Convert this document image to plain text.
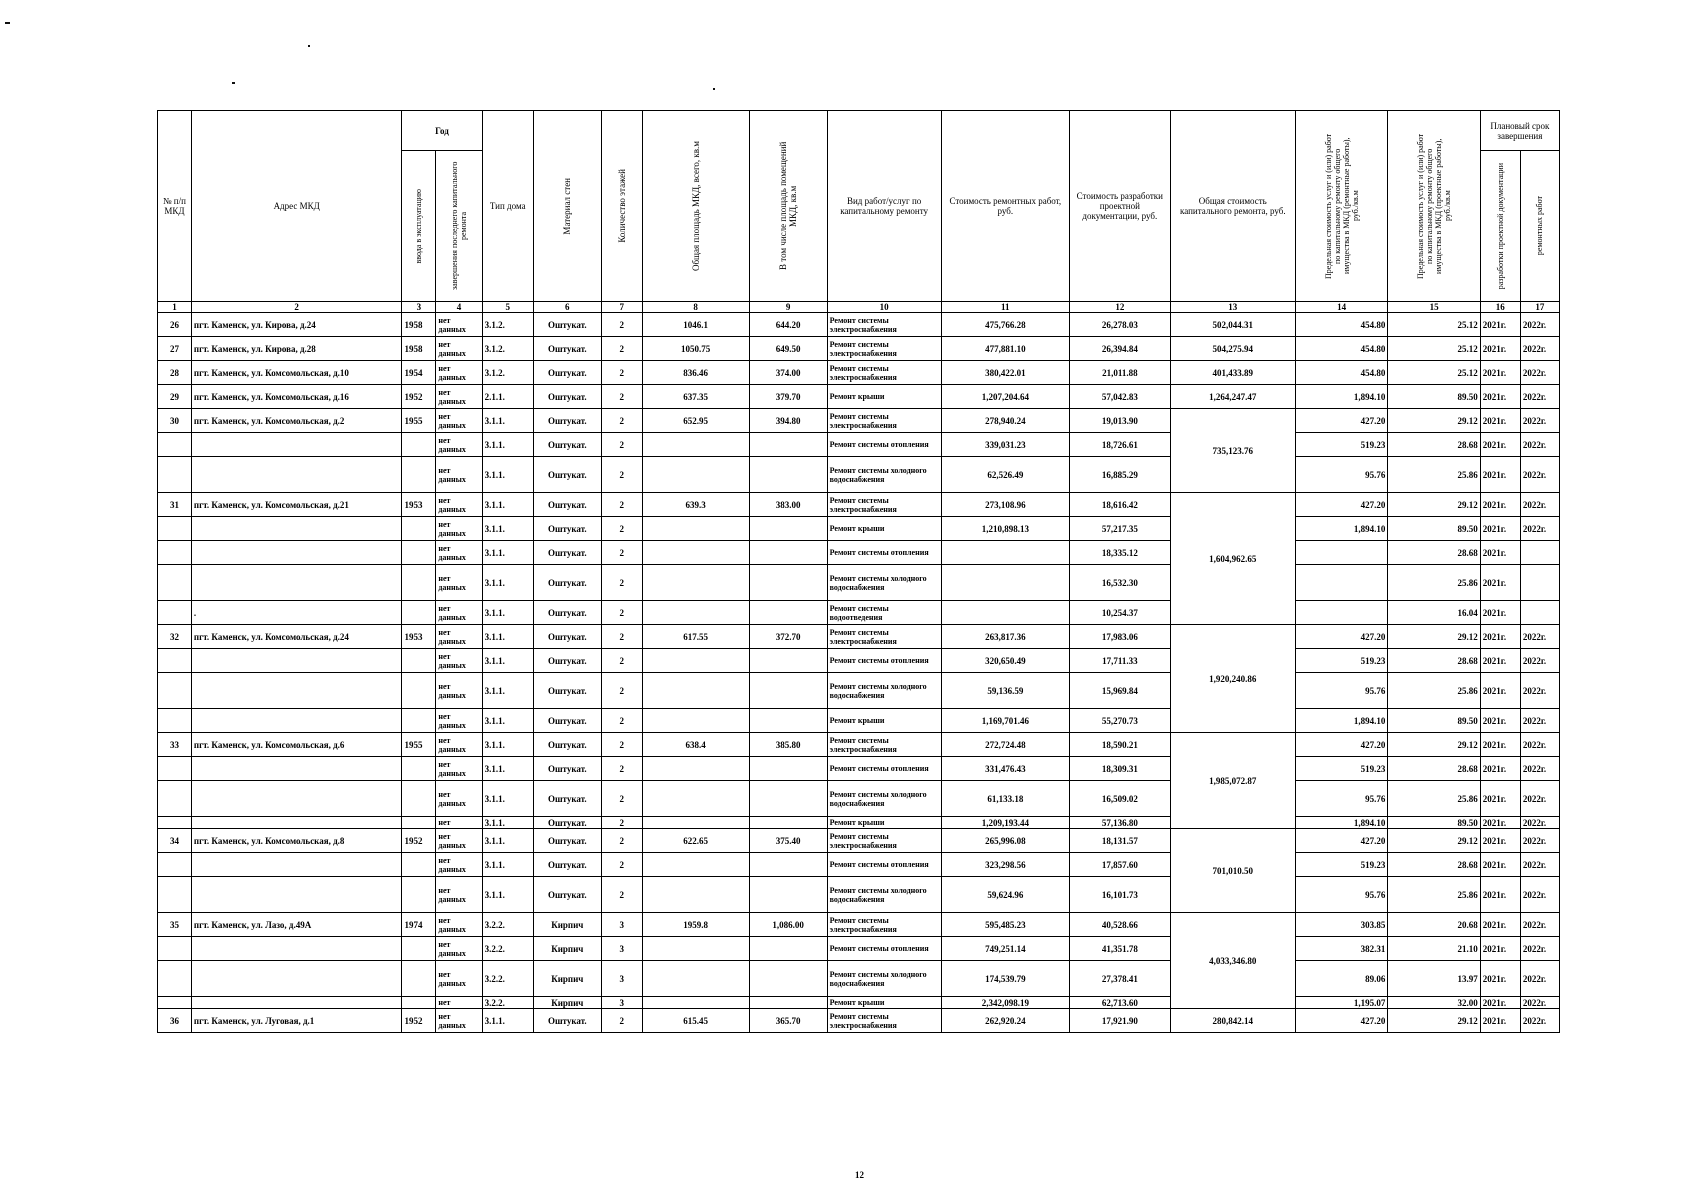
№ п/п МКД	Адрес МКД	Год		Тип дома	Материал стен	Количество этажей	Общая площадь МКД, всего, кв.м	В том числе площадь помещений МКД, кв.м	Вид работ/услуг по капитальному ремонту	Стоимость ремонтных работ, руб.	Стоимость разработки проектной документации, руб.	Общая стоимость капитального ремонта, руб.	Предельная стоимость услуг и (или) работ по капитальному ремонту общего имущества в МКД (ремонтные работы), руб./кв.м	Предельная стоимость услуг и (или) работ по капитальному ремонту общего имущества в МКД (проектные работы), руб./кв.м	Плановый срок завершения	

		ввода в эксплуатацию	завершения последнего капитального ремонта												разработки проектной документации	ремонтных работ

1	2	3	4	5	6	7	8	9	10	11	12	13	14	15	16	17
26	пгт. Каменск, ул. Кирова, д.24	1958	нет данных	3.1.2.	Оштукат.	2	1046.1	644.20	Ремонт системы электроснабжения	475,766.28	26,278.03	502,044.31	454.80	25.12	2021г.	2022г.
27	пгт. Каменск, ул. Кирова, д.28	1958	нет данных	3.1.2.	Оштукат.	2	1050.75	649.50	Ремонт системы электроснабжения	477,881.10	26,394.84	504,275.94	454.80	25.12	2021г.	2022г.
28	пгт. Каменск, ул. Комсомольская, д.10	1954	нет данных	3.1.2.	Оштукат.	2	836.46	374.00	Ремонт системы электроснабжения	380,422.01	21,011.88	401,433.89	454.80	25.12	2021г.	2022г.
29	пгт. Каменск, ул. Комсомольская, д.16	1952	нет данных	2.1.1.	Оштукат.	2	637.35	379.70	Ремонт крыши	1,207,204.64	57,042.83	1,264,247.47	1,894.10	89.50	2021г.	2022г.
30	пгт. Каменск, ул. Комсомольская, д.2	1955	нет данных	3.1.1.	Оштукат.	2	652.95	394.80	Ремонт системы электроснабжения	278,940.24	19,013.90	735,123.76	427.20	29.12	2021г.	2022г.
			нет данных	3.1.1.	Оштукат.	2			Ремонт системы отопления	339,031.23	18,726.61		519.23	28.68	2021г.	2022г.
			нет данных	3.1.1.	Оштукат.	2			Ремонт системы холодного водоснабжения	62,526.49	16,885.29		95.76	25.86	2021г.	2022г.
31	пгт. Каменск, ул. Комсомольская, д.21	1953	нет данных	3.1.1.	Оштукат.	2	639.3	383.00	Ремонт системы электроснабжения	273,108.96	18,616.42	1,604,962.65	427.20	29.12	2021г.	2022г.
			нет данных	3.1.1.	Оштукат.	2			Ремонт крыши	1,210,898.13	57,217.35		1,894.10	89.50	2021г.	2022г.
			нет данных	3.1.1.	Оштукат.	2			Ремонт системы отопления		18,335.12			28.68	2021г.	
			нет данных	3.1.1.	Оштукат.	2			Ремонт системы холодного водоснабжения		16,532.30			25.86	2021г.	
	.		нет данных	3.1.1.	Оштукат.	2			Ремонт системы водоотведения		10,254.37			16.04	2021г.	
32	пгт. Каменск, ул. Комсомольская, д.24	1953	нет данных	3.1.1.	Оштукат.	2	617.55	372.70	Ремонт системы электроснабжения	263,817.36	17,983.06	1,920,240.86	427.20	29.12	2021г.	2022г.
			нет данных	3.1.1.	Оштукат.	2			Ремонт системы отопления	320,650.49	17,711.33		519.23	28.68	2021г.	2022г.
			нет данных	3.1.1.	Оштукат.	2			Ремонт системы холодного водоснабжения	59,136.59	15,969.84		95.76	25.86	2021г.	2022г.
			нет данных	3.1.1.	Оштукат.	2			Ремонт крыши	1,169,701.46	55,270.73		1,894.10	89.50	2021г.	2022г.
33	пгт. Каменск, ул. Комсомольская, д.6	1955	нет данных	3.1.1.	Оштукат.	2	638.4	385.80	Ремонт системы электроснабжения	272,724.48	18,590.21	1,985,072.87	427.20	29.12	2021г.	2022г.
			нет данных	3.1.1.	Оштукат.	2			Ремонт системы отопления	331,476.43	18,309.31		519.23	28.68	2021г.	2022г.
			нет данных	3.1.1.	Оштукат.	2			Ремонт системы холодного водоснабжения	61,133.18	16,509.02		95.76	25.86	2021г.	2022г.
			нет	3.1.1.	Оштукат.	2			Ремонт крыши	1,209,193.44	57,136.80		1,894.10	89.50	2021г.	2022г.
34	пгт. Каменск, ул. Комсомольская, д.8	1952	нет данных	3.1.1.	Оштукат.	2	622.65	375.40	Ремонт системы электроснабжения	265,996.08	18,131.57	701,010.50	427.20	29.12	2021г.	2022г.
			нет данных	3.1.1.	Оштукат.	2			Ремонт системы отопления	323,298.56	17,857.60		519.23	28.68	2021г.	2022г.
			нет данных	3.1.1.	Оштукат.	2			Ремонт системы холодного водоснабжения	59,624.96	16,101.73		95.76	25.86	2021г.	2022г.
35	пгт. Каменск, ул. Лазо, д.49А	1974	нет данных	3.2.2.	Кирпич	3	1959.8	1,086.00	Ремонт системы электроснабжения	595,485.23	40,528.66	4,033,346.80	303.85	20.68	2021г.	2022г.
			нет данных	3.2.2.	Кирпич	3			Ремонт системы отопления	749,251.14	41,351.78		382.31	21.10	2021г.	2022г.
			нет данных	3.2.2.	Кирпич	3			Ремонт системы холодного водоснабжения	174,539.79	27,378.41		89.06	13.97	2021г.	2022г.
			нет	3.2.2.	Кирпич	3			Ремонт крыши	2,342,098.19	62,713.60		1,195.07	32.00	2021г.	2022г.
36	пгт. Каменск, ул. Луговая, д.1	1952	нет данных	3.1.1.	Оштукат.	2	615.45	365.70	Ремонт системы электроснабжения	262,920.24	17,921.90	280,842.14	427.20	29.12	2021г.	2022г.
12
